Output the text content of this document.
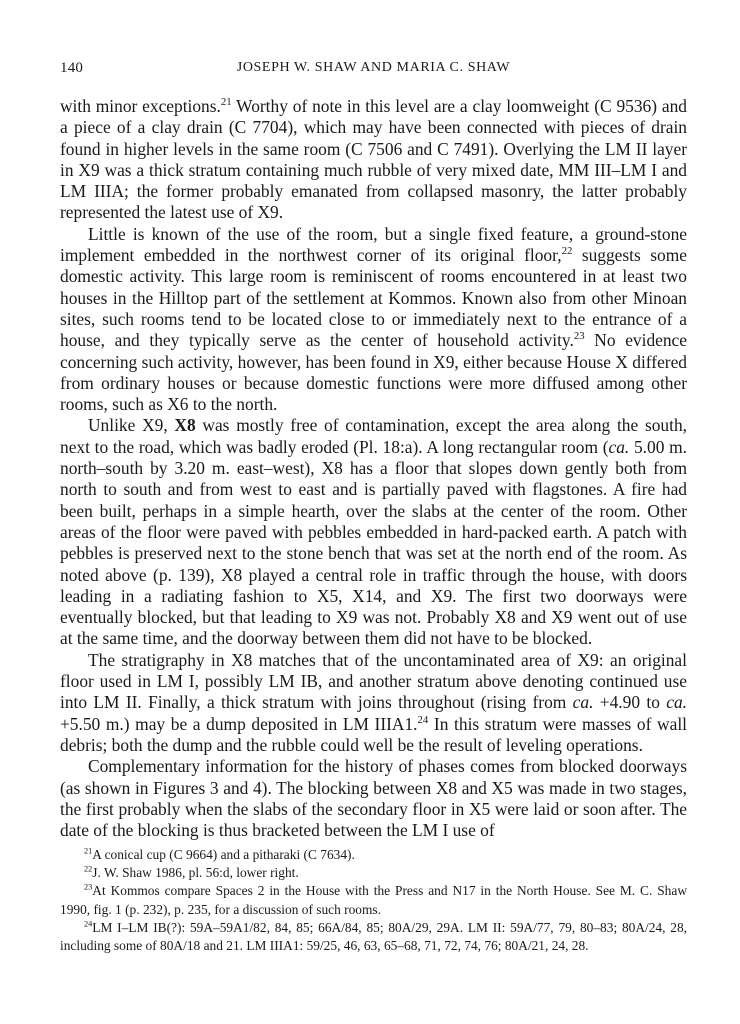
140	JOSEPH W. SHAW AND MARIA C. SHAW

with minor exceptions.$^{21}$ Worthy of note in this level are a clay loomweight (C 9536) and a piece of a clay drain (C 7704), which may have been connected with pieces of drain found in higher levels in the same room (C 7506 and C 7491). Overlying the LM II layer in X9 was a thick stratum containing much rubble of very mixed date, MM III–LM I and LM IIIA; the former probably emanated from collapsed masonry, the latter probably represented the latest use of X9.

Little is known of the use of the room, but a single fixed feature, a ground-stone implement embedded in the northwest corner of its original floor,$^{22}$ suggests some domestic activity. This large room is reminiscent of rooms encountered in at least two houses in the Hilltop part of the settlement at Kommos. Known also from other Minoan sites, such rooms tend to be located close to or immediately next to the entrance of a house, and they typically serve as the center of household activity.$^{23}$ No evidence concerning such activity, however, has been found in X9, either because House X differed from ordinary houses or because domestic functions were more diffused among other rooms, such as X6 to the north.

Unlike X9, X8 was mostly free of contamination, except the area along the south, next to the road, which was badly eroded (Pl. 18:a). A long rectangular room (ca. 5.00 m. north–south by 3.20 m. east–west), X8 has a floor that slopes down gently both from north to south and from west to east and is partially paved with flagstones. A fire had been built, perhaps in a simple hearth, over the slabs at the center of the room. Other areas of the floor were paved with pebbles embedded in hard-packed earth. A patch with pebbles is preserved next to the stone bench that was set at the north end of the room. As noted above (p. 139), X8 played a central role in traffic through the house, with doors leading in a radiating fashion to X5, X14, and X9. The first two doorways were eventually blocked, but that leading to X9 was not. Probably X8 and X9 went out of use at the same time, and the doorway between them did not have to be blocked.

The stratigraphy in X8 matches that of the uncontaminated area of X9: an original floor used in LM I, possibly LM IB, and another stratum above denoting continued use into LM II. Finally, a thick stratum with joins throughout (rising from ca. +4.90 to ca. +5.50 m.) may be a dump deposited in LM IIIA1.24 In this stratum were masses of wall debris; both the dump and the rubble could well be the result of leveling operations.

Complementary information for the history of phases comes from blocked doorways (as shown in Figures 3 and 4). The blocking between X8 and X5 was made in two stages, the first probably when the slabs of the secondary floor in X5 were laid or soon after. The date of the blocking is thus bracketed between the LM I use of

$^{21}$A conical cup (C 9664) and a pitharaki (C 7634).

$^{22}$J. W. Shaw 1986, pl. 56:d, lower right.

$^{23}$At Kommos compare Spaces 2 in the House with the Press and N17 in the North House. See M. C. Shaw 1990, fig. 1 (p. 232), p. 235, for a discussion of such rooms.

$^{24}$LM I–LM IB(?): 59A–59A1/82, 84, 85; 66A/84, 85; 80A/29, 29A. LM II: 59A/77, 79, 80–83; 80A/24, 28, including some of 80A/18 and 21. LM IIIA1: 59/25, 46, 63, 65–68, 71, 72, 74, 76; 80A/21, 24, 28.
